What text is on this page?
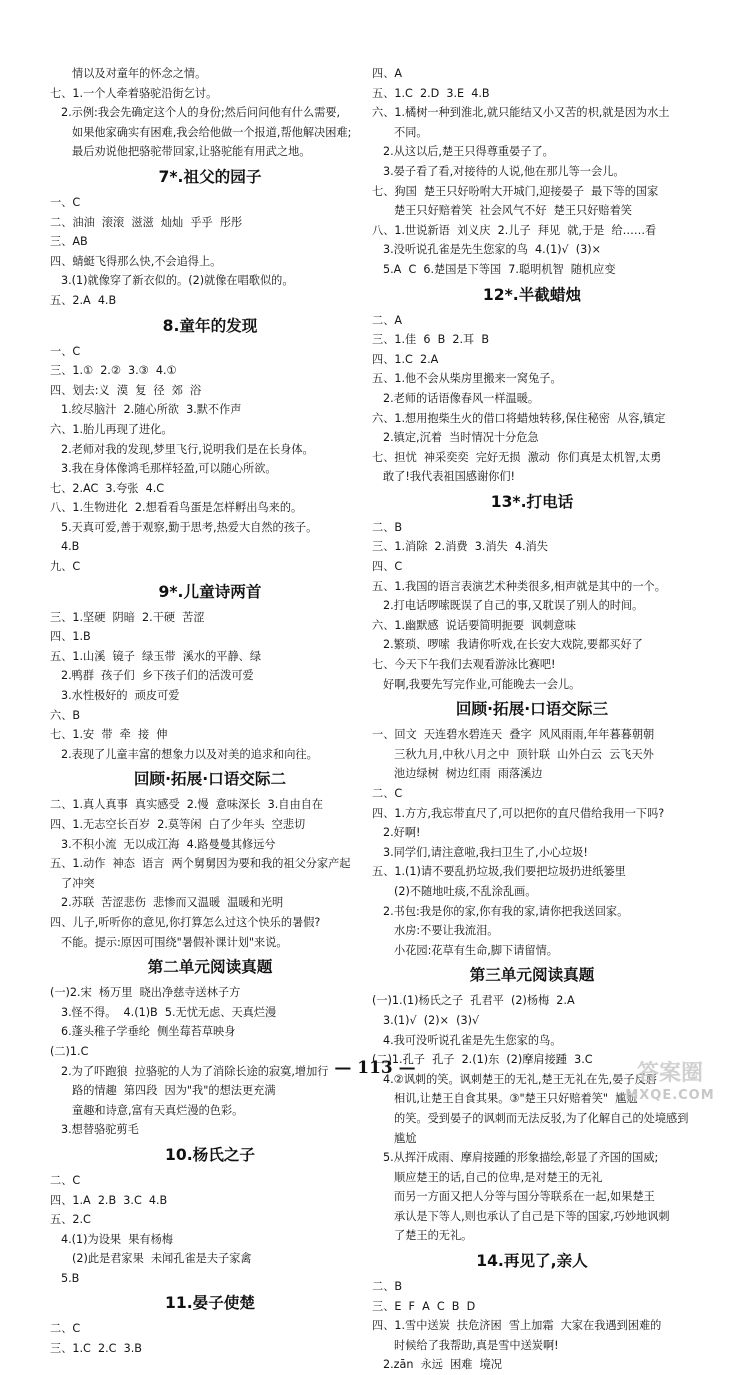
情以及对童年的怀念之情。
七、1.一个人牵着骆驼沿街乞讨。
2.示例:我会先确定这个人的身份;然后问问他有什么需要,
如果他家确实有困难,我会给他做一个报道,帮他解决困难;
最后劝说他把骆驼带回家,让骆驼能有用武之地。
7*.祖父的园子
一、C
二、油油  滚滚  滋滋  灿灿  乎乎  彤彤
三、AB
四、蜻蜓飞得那么快,不会追得上。
3.(1)就像穿了新衣似的。(2)就像在唱歌似的。
五、2.A  4.B
8.童年的发现
一、C
三、1.①  2.②  3.③  4.①
四、划去:义  漠  复  径  郊  浴
1.绞尽脑汁  2.随心所欲  3.默不作声
六、1.胎儿再现了进化。
2.老师对我的发现,梦里飞行,说明我们是在长身体。
3.我在身体像鸿毛那样轻盈,可以随心所欲。
七、2.AC  3.夸张  4.C
八、1.生物进化  2.想看看鸟蛋是怎样孵出鸟来的。
5.天真可爱,善于观察,勤于思考,热爱大自然的孩子。
4.B
九、C
9*.儿童诗两首
三、1.坚硬  阴暗  2.干硬  苦涩
四、1.B
五、1.山溪  镜子  绿玉带  溪水的平静、绿
2.鸭群  孩子们  乡下孩子们的活泼可爱
3.水性极好的  顽皮可爱
六、B
七、1.安  带  牵  接  伸
2.表现了儿童丰富的想象力以及对美的追求和向往。
回顾·拓展·口语交际二
二、1.真人真事  真实感受  2.慢  意味深长  3.自由自在
四、1.无志空长百岁  2.莫等闲  白了少年头  空悲切
3.不积小流  无以成江海  4.路曼曼其修远兮
五、1.动作  神态  语言  两个舅舅因为要和我的祖父分家产起
了冲突
2.苏联  苦涩悲伤  悲惨而又温暖  温暖和光明
四、儿子,听听你的意见,你打算怎么过这个快乐的暑假?
不能。提示:原因可围绕"暑假补课计划"来说。
第二单元阅读真题
(一)2.宋  杨万里  晓出净慈寺送林子方
3.怪不得。  4.(1)B  5.无忧无虑、天真烂漫
6.蓬头稚子学垂纶  侧坐莓苔草映身
(二)1.C
2.为了吓跑狼  拉骆驼的人为了消除长途的寂寞,增加行
路的情趣  第四段  因为"我"的想法更充满
童趣和诗意,富有天真烂漫的色彩。
3.想替骆驼剪毛
10.杨氏之子
二、C
四、1.A  2.B  3.C  4.B
五、2.C
4.(1)为设果  果有杨梅
(2)此是君家果  未闻孔雀是夫子家禽
5.B
11.晏子使楚
二、C
三、1.C  2.C  3.B
四、A
五、1.C  2.D  3.E  4.B
六、1.橘树一种到淮北,就只能结又小又苦的枳,就是因为水土
不同。
2.从这以后,楚王只得尊重晏子了。
3.晏子看了看,对接待的人说,他在那儿等一会儿。
七、狗国  楚王只好吩咐大开城门,迎接晏子  最下等的国家
楚王只好赔着笑  社会风气不好  楚王只好赔着笑
八、1.世说新语  刘义庆  2.儿子  拜见  就,于是  给……看
3.没听说孔雀是先生您家的鸟  4.(1)√  (3)×
5.A  C  6.楚国是下等国  7.聪明机智  随机应变
12*.半截蜡烛
二、A
三、1.佳  6  B  2.耳  B
四、1.C  2.A
五、1.他不会从柴房里搬来一窝兔子。
2.老师的话语像春风一样温暖。
六、1.想用抱柴生火的借口将蜡烛转移,保住秘密  从容,镇定
2.镇定,沉着  当时情况十分危急
七、担忧  神采奕奕  完好无损  激动  你们真是太机智,太勇
敢了!我代表祖国感谢你们!
13*.打电话
二、B
三、1.消除  2.消费  3.消失  4.消失
四、C
五、1.我国的语言表演艺术种类很多,相声就是其中的一个。
2.打电话啰嗦既误了自己的事,又耽误了别人的时间。
六、1.幽默感  说话要简明扼要  讽刺意味
2.繁琐、啰嗦  我请你听戏,在长安大戏院,要都买好了
七、今天下午我们去观看游泳比赛吧!
好啊,我要先写完作业,可能晚去一会儿。
回顾·拓展·口语交际三
一、回文  天连碧水碧连天  叠字  风风雨雨,年年暮暮朝朝
三秋九月,中秋八月之中  顶针联  山外白云  云飞天外
池边绿树  树边红雨  雨落溪边
二、C
四、1.方方,我忘带直尺了,可以把你的直尺借给我用一下吗?
2.好啊!
3.同学们,请注意啦,我扫卫生了,小心垃圾!
五、1.(1)请不要乱扔垃圾,我们要把垃圾扔进纸篓里
(2)不随地吐痰,不乱涂乱画。
2.书包:我是你的家,你有我的家,请你把我送回家。
水房:不要让我流泪。
小花园:花草有生命,脚下请留情。
第三单元阅读真题
(一)1.(1)杨氏之子  孔君平  (2)杨梅  2.A
3.(1)√  (2)×  (3)√
4.我可没听说孔雀是先生您家的鸟。
(二)1.孔子  孔子  2.(1)东  (2)摩肩接踵  3.C
4.②讽刺的笑。讽刺楚王的无礼,楚王无礼在先,晏子反唇
相讥,让楚王自食其果。③"楚王只好赔着笑"  尴尬
的笑。受到晏子的讽刺而无法反驳,为了化解自己的处境感到
尴尬
5.从挥汗成雨、摩肩接踵的形象描绘,彰显了齐国的国威;
顺应楚王的话,自己的位卑,是对楚王的无礼
而另一方面又把人分等与国分等联系在一起,如果楚王
承认是下等人,则也承认了自己是下等的国家,巧妙地讽刺
了楚王的无礼。
14.再见了,亲人
二、B
三、E  F  A  C  B  D
四、1.雪中送炭  扶危济困  雪上加霜  大家在我遇到困难的
时候给了我帮助,真是雪中送炭啊!
2.zān  永远  困难  境况
— 113 —	答案圈
MXQE.COM
